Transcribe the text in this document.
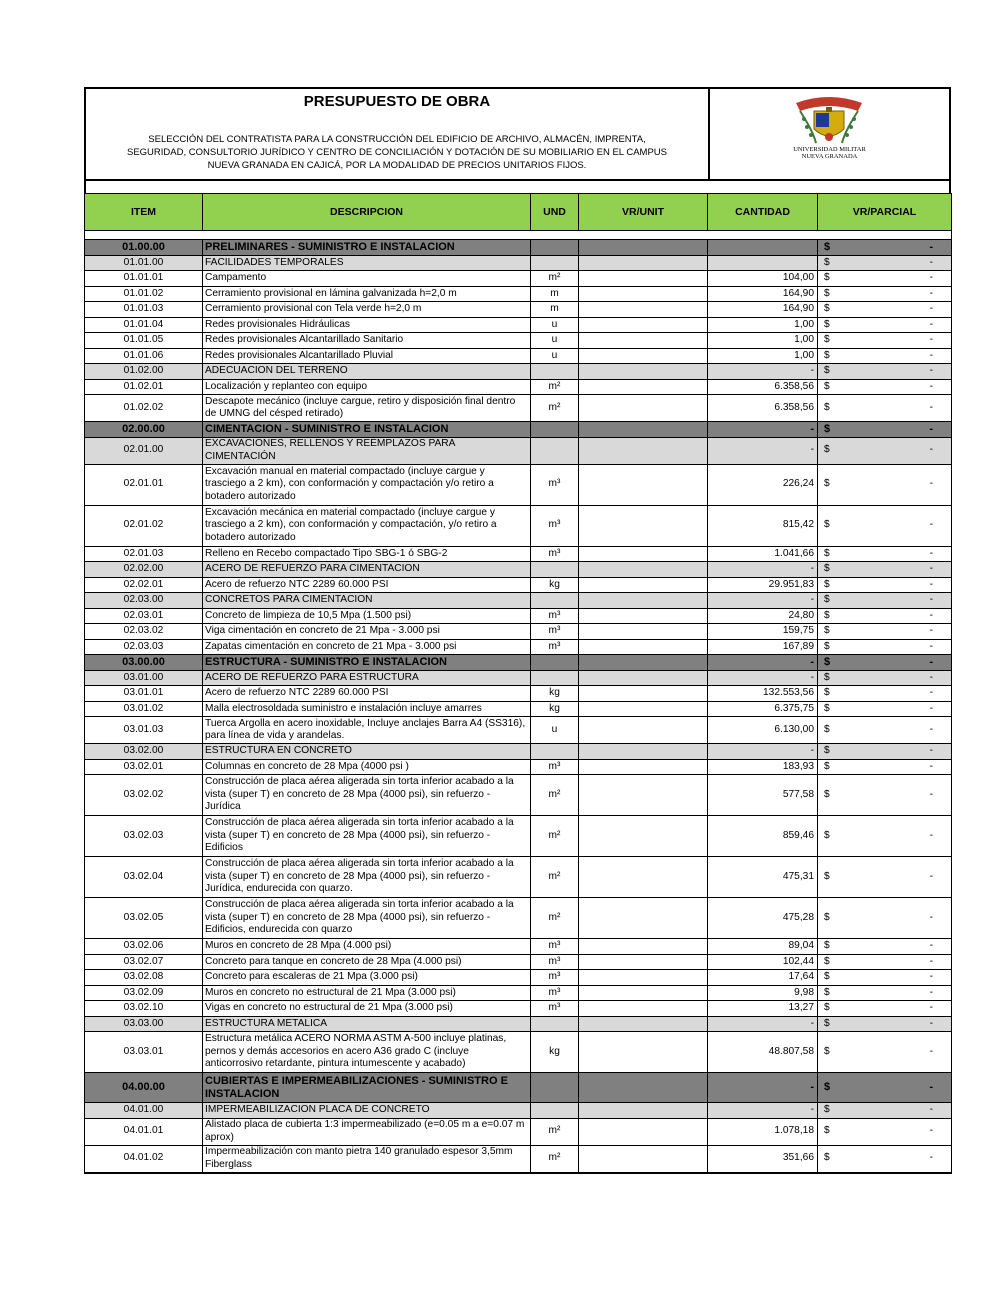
PRESUPUESTO DE OBRA
SELECCIÓN DEL CONTRATISTA PARA LA CONSTRUCCIÓN DEL EDIFICIO DE ARCHIVO, ALMACÉN, IMPRENTA,
SEGURIDAD, CONSULTORIO JURÍDICO Y CENTRO DE CONCILIACIÓN Y DOTACIÓN DE SU MOBILIARIO EN EL CAMPUS
NUEVA GRANADA EN CAJICÁ, POR LA MODALIDAD DE PRECIOS UNITARIOS FIJOS.
UNIVERSIDAD MILITAR
NUEVA GRANADA
ITEM	DESCRIPCION	UND	VR/UNIT	CANTIDAD	VR/PARCIAL

01.00.00	PRELIMINARES - SUMINISTRO E INSTALACION				$ -

01.01.00	FACILIDADES TEMPORALES				$ -

01.01.01	Campamento	m²		104,00	$ -

01.01.02	Cerramiento provisional en lámina galvanizada h=2,0 m	m		164,90	$ -

01.01.03	Cerramiento provisional con Tela verde h=2,0 m	m		164,90	$ -

01.01.04	Redes provisionales Hidráulicas	u		1,00	$ -

01.01.05	Redes provisionales Alcantarillado Sanitario	u		1,00	$ -

01.01.06	Redes provisionales Alcantarillado Pluvial	u		1,00	$ -

01.02.00	ADECUACION DEL TERRENO			-	$ -

01.02.01	Localización y replanteo con equipo	m²		6.358,56	$ -

01.02.02	Descapote mecánico (incluye cargue, retiro y disposición final dentro de UMNG del césped retirado)	m²		6.358,56	$ -

02.00.00	CIMENTACION - SUMINISTRO E INSTALACION			-	$ -

02.01.00	EXCAVACIONES, RELLENOS Y REEMPLAZOS PARA CIMENTACIÓN			-	$ -

02.01.01	Excavación manual en material compactado (incluye cargue y trasciego a 2 km), con conformación y compactación y/o retiro a botadero autorizado	m³		226,24	$ -

02.01.02	Excavación mecánica en material compactado (incluye cargue y trasciego a 2 km), con conformación y compactación, y/o retiro a botadero autorizado	m³		815,42	$ -

02.01.03	Relleno en Recebo compactado Tipo SBG-1 ó SBG-2	m³		1.041,66	$ -

02.02.00	ACERO DE REFUERZO PARA CIMENTACION			-	$ -

02.02.01	Acero de refuerzo NTC 2289 60.000 PSI	kg		29.951,83	$ -

02.03.00	CONCRETOS PARA CIMENTACION			-	$ -

02.03.01	Concreto de limpieza de 10,5 Mpa (1.500 psi)	m³		24,80	$ -

02.03.02	Viga cimentación en concreto de 21 Mpa - 3.000 psi	m³		159,75	$ -

02.03.03	Zapatas cimentación en concreto de 21 Mpa - 3.000 psi	m³		167,89	$ -

03.00.00	ESTRUCTURA - SUMINISTRO E INSTALACION			-	$ -

03.01.00	ACERO DE REFUERZO PARA ESTRUCTURA			-	$ -

03.01.01	Acero de refuerzo NTC 2289 60.000 PSI	kg		132.553,56	$ -

03.01.02	Malla electrosoldada suministro e instalación incluye amarres	kg		6.375,75	$ -

03.01.03	Tuerca Argolla en acero inoxidable, Incluye anclajes Barra A4 (SS316), para línea de vida y arandelas.	u		6.130,00	$ -

03.02.00	ESTRUCTURA EN CONCRETO			-	$ -

03.02.01	Columnas en concreto de 28 Mpa (4000 psi )	m³		183,93	$ -

03.02.02	Construcción de placa aérea aligerada sin torta inferior acabado a la vista (super T) en concreto de 28 Mpa (4000 psi), sin refuerzo - Jurídica	m²		577,58	$ -

03.02.03	Construcción de placa aérea aligerada sin torta inferior acabado a la vista (super T) en concreto de 28 Mpa (4000 psi), sin refuerzo - Edificios	m²		859,46	$ -

03.02.04	Construcción de placa aérea aligerada sin torta inferior acabado a la vista (super T) en concreto de 28 Mpa (4000 psi), sin refuerzo - Jurídica, endurecida con quarzo.	m²		475,31	$ -

03.02.05	Construcción de placa aérea aligerada sin torta inferior acabado a la vista (super T) en concreto de 28 Mpa (4000 psi), sin refuerzo - Edificios, endurecida con quarzo	m²		475,28	$ -

03.02.06	Muros en concreto de 28 Mpa (4.000 psi)	m³		89,04	$ -

03.02.07	Concreto para tanque en concreto de 28 Mpa (4.000 psi)	m³		102,44	$ -

03.02.08	Concreto para escaleras de 21 Mpa (3.000 psi)	m³		17,64	$ -

03.02.09	Muros en concreto no estructural de 21 Mpa (3.000 psi)	m³		9,98	$ -

03.02.10	Vigas en concreto no estructural de 21 Mpa (3.000 psi)	m³		13,27	$ -

03.03.00	ESTRUCTURA METALICA			-	$ -

03.03.01	Estructura metálica ACERO NORMA ASTM A-500 incluye platinas, pernos y demás accesorios en acero A36 grado C (incluye anticorrosivo retardante, pintura intumescente y acabado)	kg		48.807,58	$ -

04.00.00	CUBIERTAS E IMPERMEABILIZACIONES - SUMINISTRO E INSTALACION			-	$ -

04.01.00	IMPERMEABILIZACION PLACA DE CONCRETO			-	$ -

04.01.01	Alistado placa de cubierta 1:3 impermeabilizado (e=0.05 m a e=0.07 m aprox)	m²		1.078,18	$ -

04.01.02	Impermeabilización con manto pietra 140 granulado espesor 3,5mm Fiberglass	m²		351,66	$ -
